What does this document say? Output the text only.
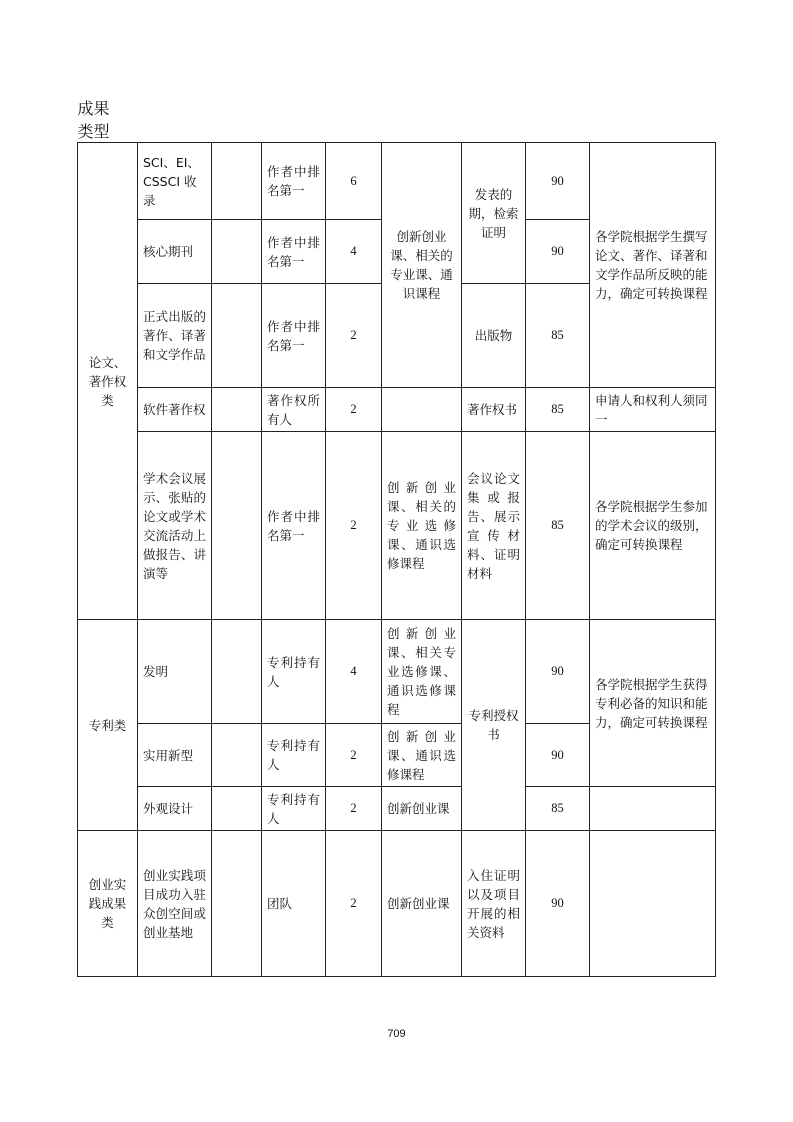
成果
类型
论文、著作权类	SCI、EI、CSSCI 收录		作者中排名第一	6	创新创业课、相关的专业课、通识课程	发表的期，检索证明	90	各学院根据学生撰写论文、著作、译著和文学作品所反映的能力，确定可转换课程
	核心期刊		作者中排名第一	4			90	
	正式出版的著作、译著和文学作品		作者中排名第一	2		出版物	85	
	软件著作权		著作权所有人	2		著作权书	85	申请人和权利人须同一
	学术会议展示、张贴的论文或学术交流活动上做报告、讲演等		作者中排名第一	2	创新创业课、相关的专业选修课、通识选修课程	会议论文集或报告、展示宣传材料、证明材料	85	各学院根据学生参加的学术会议的级别，确定可转换课程
专利类	发明		专利持有人	4	创新创业课、相关专业选修课、通识选修课程	专利授权书	90	各学院根据学生获得专利必备的知识和能力，确定可转换课程
	实用新型		专利持有人	2	创新创业课、通识选修课程		90	
	外观设计		专利持有人	2	创新创业课		85	
创业实践成果类	创业实践项目成功入驻众创空间或创业基地		团队	2	创新创业课	入住证明以及项目开展的相关资料	90	
709
